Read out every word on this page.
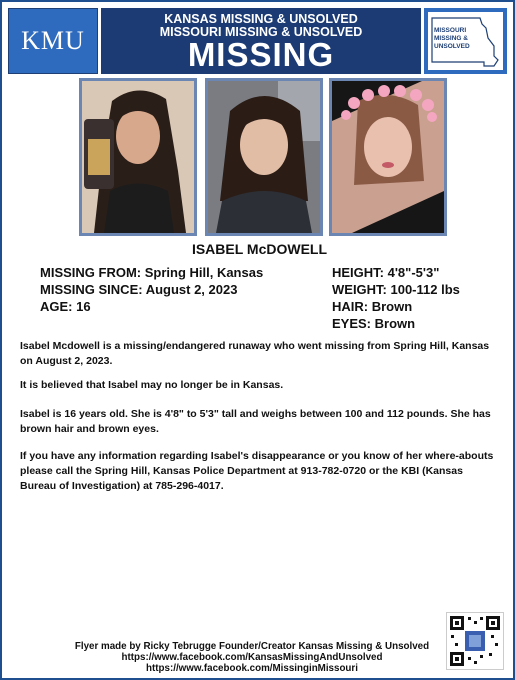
KMU
KANSAS MISSING & UNSOLVED
MISSOURI MISSING & UNSOLVED
MISSING
MISSOURI
MISSING &
UNSOLVED
ISABEL McDOWELL
MISSING FROM: Spring Hill, Kansas
MISSING SINCE: August 2, 2023
AGE: 16
HEIGHT: 4'8"-5'3"
WEIGHT: 100-112 lbs
HAIR: Brown
EYES: Brown
Isabel Mcdowell is a missing/endangered runaway who went missing from Spring Hill, Kansas on August 2, 2023.
It is believed that Isabel may no longer be in Kansas.
Isabel is 16 years old. She is 4'8" to 5'3" tall and weighs between 100 and 112 pounds. She has brown hair and brown eyes.
If you have any information regarding Isabel's disappearance or you know of her where-abouts please call the Spring Hill, Kansas Police Department at 913-782-0720 or the KBI (Kansas Bureau of Investigation) at 785-296-4017.
Flyer made by Ricky Tebrugge Founder/Creator Kansas Missing & Unsolved
https://www.facebook.com/KansasMissingAndUnsolved
https://www.facebook.com/MissinginMissouri
